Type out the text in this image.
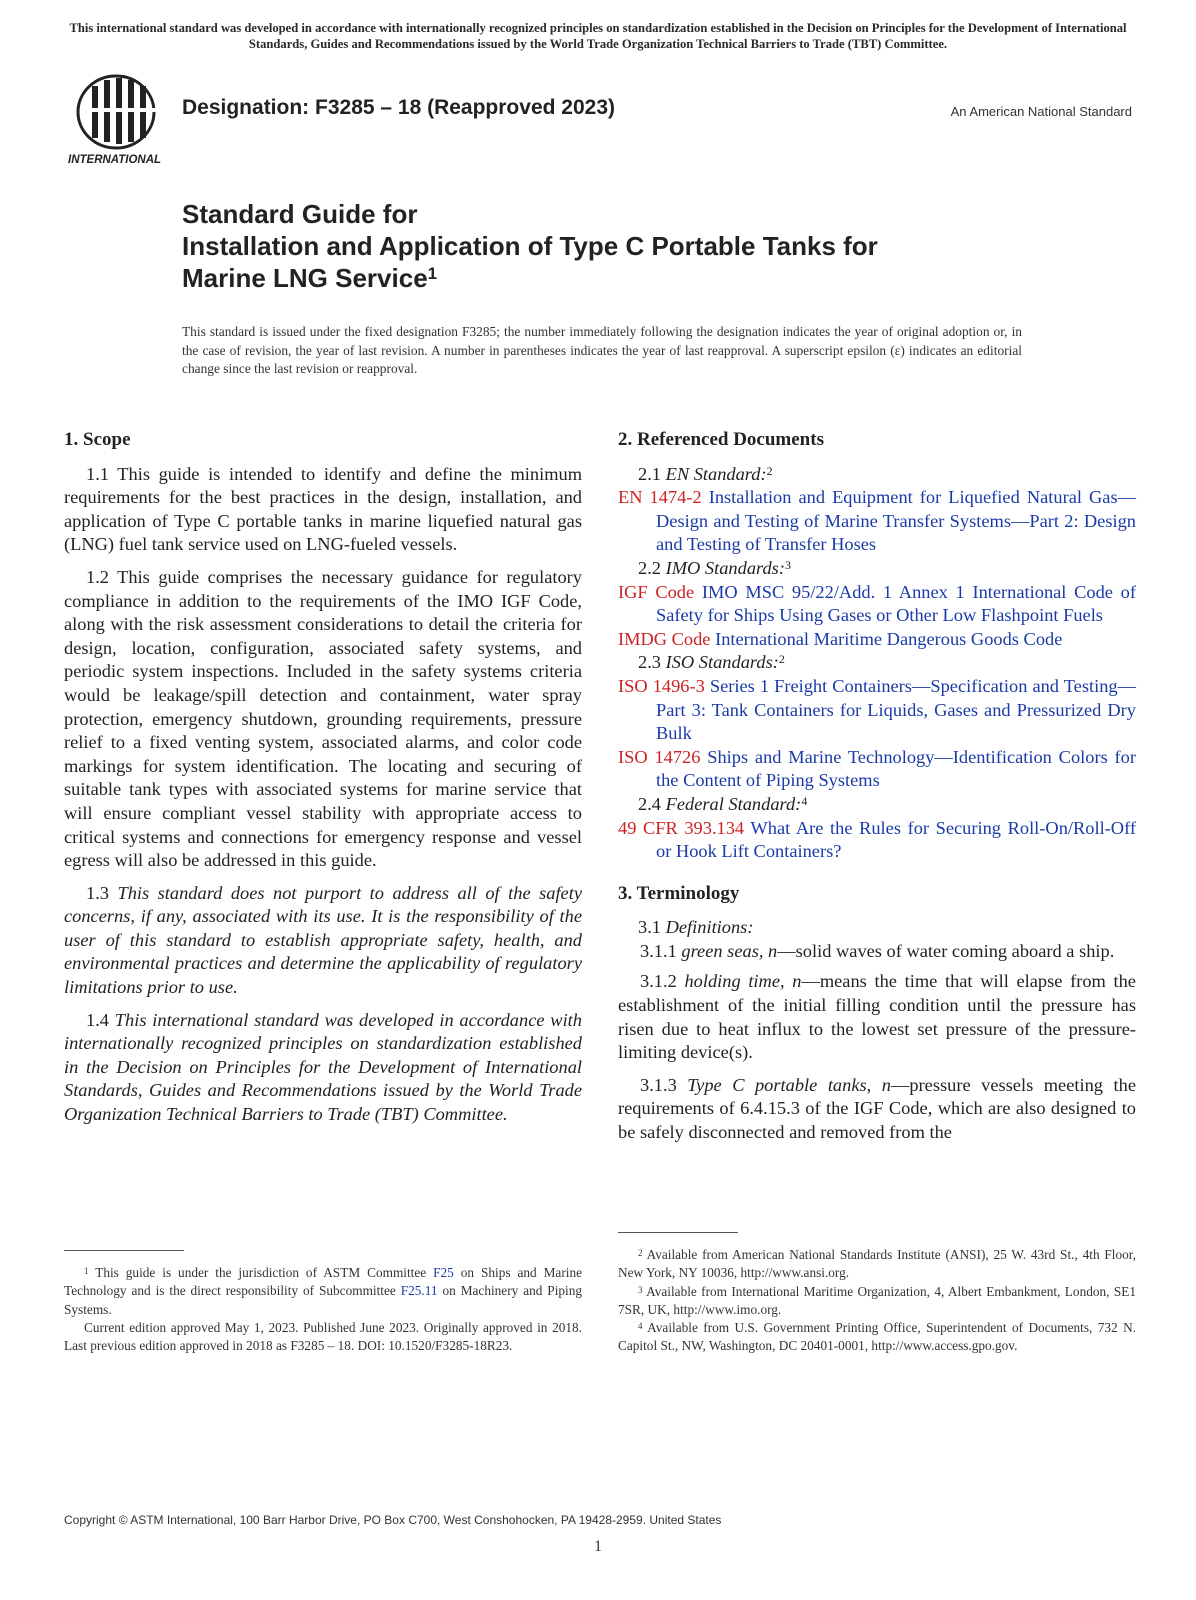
This international standard was developed in accordance with internationally recognized principles on standardization established in the Decision on Principles for the Development of International Standards, Guides and Recommendations issued by the World Trade Organization Technical Barriers to Trade (TBT) Committee.
INTERNATIONAL
Designation: F3285 – 18 (Reapproved 2023)	An American National Standard
Standard Guide for
Installation and Application of Type C Portable Tanks for
Marine LNG Service$^1$
This standard is issued under the fixed designation F3285; the number immediately following the designation indicates the year of original adoption or, in the case of revision, the year of last revision. A number in parentheses indicates the year of last reapproval. A superscript epsilon (ε) indicates an editorial change since the last revision or reapproval.
1. Scope
1.1 This guide is intended to identify and define the minimum requirements for the best practices in the design, installation, and application of Type C portable tanks in marine liquefied natural gas (LNG) fuel tank service used on LNG-fueled vessels.
1.2 This guide comprises the necessary guidance for regulatory compliance in addition to the requirements of the IMO IGF Code, along with the risk assessment considerations to detail the criteria for design, location, configuration, associated safety systems, and periodic system inspections. Included in the safety systems criteria would be leakage/spill detection and containment, water spray protection, emergency shutdown, grounding requirements, pressure relief to a fixed venting system, associated alarms, and color code markings for system identification. The locating and securing of suitable tank types with associated systems for marine service that will ensure compliant vessel stability with appropriate access to critical systems and connections for emergency response and vessel egress will also be addressed in this guide.
1.3 This standard does not purport to address all of the safety concerns, if any, associated with its use. It is the responsibility of the user of this standard to establish appropriate safety, health, and environmental practices and determine the applicability of regulatory limitations prior to use.
1.4 This international standard was developed in accordance with internationally recognized principles on standardization established in the Decision on Principles for the Development of International Standards, Guides and Recommendations issued by the World Trade Organization Technical Barriers to Trade (TBT) Committee.
2. Referenced Documents
2.1 EN Standard:$^2$
EN 1474-2 Installation and Equipment for Liquefied Natural Gas—Design and Testing of Marine Transfer Systems—Part 2: Design and Testing of Transfer Hoses
2.2 IMO Standards:$^3$
IGF Code IMO MSC 95/22/Add. 1 Annex 1 International Code of Safety for Ships Using Gases or Other Low Flashpoint Fuels
IMDG Code International Maritime Dangerous Goods Code
2.3 ISO Standards:$^2$
ISO 1496-3 Series 1 Freight Containers—Specification and Testing—Part 3: Tank Containers for Liquids, Gases and Pressurized Dry Bulk
ISO 14726 Ships and Marine Technology—Identification Colors for the Content of Piping Systems
2.4 Federal Standard:$^4$
49 CFR 393.134 What Are the Rules for Securing Roll-On/Roll-Off or Hook Lift Containers?
3. Terminology
3.1 Definitions:
3.1.1 green seas, n—solid waves of water coming aboard a ship.
3.1.2 holding time, n—means the time that will elapse from the establishment of the initial filling condition until the pressure has risen due to heat influx to the lowest set pressure of the pressure-limiting device(s).
3.1.3 Type C portable tanks, n—pressure vessels meeting the requirements of 6.4.15.3 of the IGF Code, which are also designed to be safely disconnected and removed from the
$^1$ This guide is under the jurisdiction of ASTM Committee F25 on Ships and Marine Technology and is the direct responsibility of Subcommittee F25.11 on Machinery and Piping Systems.
Current edition approved May 1, 2023. Published June 2023. Originally approved in 2018. Last previous edition approved in 2018 as F3285 – 18. DOI: 10.1520/F3285-18R23.
$^2$ Available from American National Standards Institute (ANSI), 25 W. 43rd St., 4th Floor, New York, NY 10036, http://www.ansi.org.
$^3$ Available from International Maritime Organization, 4, Albert Embankment, London, SE1 7SR, UK, http://www.imo.org.
$^4$ Available from U.S. Government Printing Office, Superintendent of Documents, 732 N. Capitol St., NW, Washington, DC 20401-0001, http://www.access.gpo.gov.
Copyright © ASTM International, 100 Barr Harbor Drive, PO Box C700, West Conshohocken, PA 19428-2959. United States
1
